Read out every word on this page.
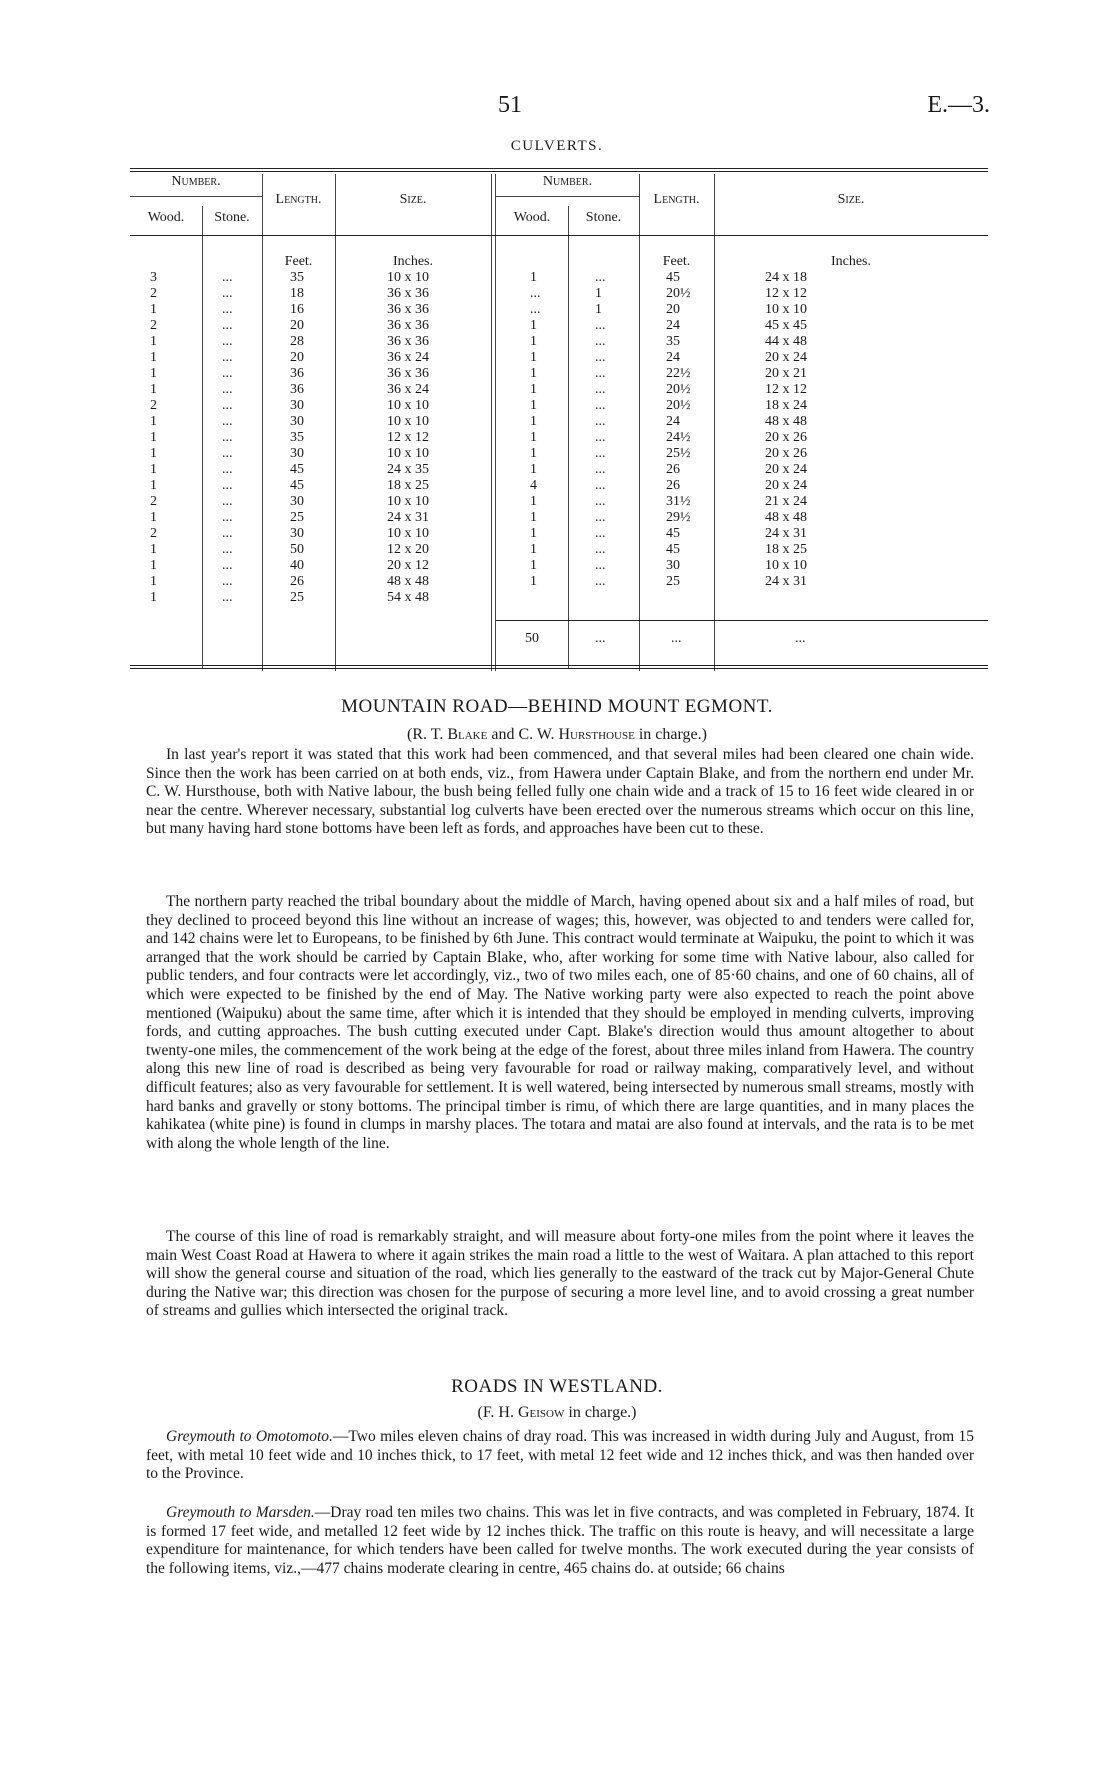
51	E.—3.
CULVERTS.
Number.
Wood.	Stone.
Length.	Size.
Number.
Wood.	Stone.
Length.	Size.
Feet.	Inches.	Feet.	Inches.
3	...	35	10 x 10
2	...	18	36 x 36
1	...	16	36 x 36
2	...	20	36 x 36
1	...	28	36 x 36
1	...	20	36 x 24
1	...	36	36 x 36
1	...	36	36 x 24
2	...	30	10 x 10
1	...	30	10 x 10
1	...	35	12 x 12
1	...	30	10 x 10
1	...	45	24 x 35
1	...	45	18 x 25
2	...	30	10 x 10
1	...	25	24 x 31
2	...	30	10 x 10
1	...	50	12 x 20
1	...	40	20 x 12
1	...	26	48 x 48
1	...	25	54 x 48
1	...	45	24 x 18
...	1	20½	12 x 12
...	1	20	10 x 10
1	...	24	45 x 45
1	...	35	44 x 48
1	...	24	20 x 24
1	...	22½	20 x 21
1	...	20½	12 x 12
1	...	20½	18 x 24
1	...	24	48 x 48
1	...	24½	20 x 26
1	...	25½	20 x 26
1	...	26	20 x 24
4	...	26	20 x 24
1	...	31½	21 x 24
1	...	29½	48 x 48
1	...	45	24 x 31
1	...	45	18 x 25
1	...	30	10 x 10
1	...	25	24 x 31
50	...	...	...
MOUNTAIN ROAD—BEHIND MOUNT EGMONT.
(R. T. Blake and C. W. Hursthouse in charge.)

In last year's report it was stated that this work had been commenced, and that several miles had been cleared one chain wide. Since then the work has been carried on at both ends, viz., from Hawera under Captain Blake, and from the northern end under Mr. C. W. Hursthouse, both with Native labour, the bush being felled fully one chain wide and a track of 15 to 16 feet wide cleared in or near the centre. Wherever necessary, substantial log culverts have been erected over the numerous streams which occur on this line, but many having hard stone bottoms have been left as fords, and approaches have been cut to these.

The northern party reached the tribal boundary about the middle of March, having opened about six and a half miles of road, but they declined to proceed beyond this line without an increase of wages; this, however, was objected to and tenders were called for, and 142 chains were let to Europeans, to be finished by 6th June. This contract would terminate at Waipuku, the point to which it was arranged that the work should be carried by Captain Blake, who, after working for some time with Native labour, also called for public tenders, and four contracts were let accordingly, viz., two of two miles each, one of 85·60 chains, and one of 60 chains, all of which were expected to be finished by the end of May. The Native working party were also expected to reach the point above mentioned (Waipuku) about the same time, after which it is intended that they should be employed in mending culverts, improving fords, and cutting approaches. The bush cutting executed under Capt. Blake's direction would thus amount altogether to about twenty-one miles, the commencement of the work being at the edge of the forest, about three miles inland from Hawera. The country along this new line of road is described as being very favourable for road or railway making, comparatively level, and without difficult features; also as very favourable for settlement. It is well watered, being intersected by numerous small streams, mostly with hard banks and gravelly or stony bottoms. The principal timber is rimu, of which there are large quantities, and in many places the kahikatea (white pine) is found in clumps in marshy places. The totara and matai are also found at intervals, and the rata is to be met with along the whole length of the line.

The course of this line of road is remarkably straight, and will measure about forty-one miles from the point where it leaves the main West Coast Road at Hawera to where it again strikes the main road a little to the west of Waitara. A plan attached to this report will show the general course and situation of the road, which lies generally to the eastward of the track cut by Major-General Chute during the Native war; this direction was chosen for the purpose of securing a more level line, and to avoid crossing a great number of streams and gullies which intersected the original track.

ROADS IN WESTLAND.
(F. H. Geisow in charge.)

Greymouth to Omotomoto.—Two miles eleven chains of dray road. This was increased in width during July and August, from 15 feet, with metal 10 feet wide and 10 inches thick, to 17 feet, with metal 12 feet wide and 12 inches thick, and was then handed over to the Province.

Greymouth to Marsden.—Dray road ten miles two chains. This was let in five contracts, and was completed in February, 1874. It is formed 17 feet wide, and metalled 12 feet wide by 12 inches thick. The traffic on this route is heavy, and will necessitate a large expenditure for maintenance, for which tenders have been called for twelve months. The work executed during the year consists of the following items, viz.,—477 chains moderate clearing in centre, 465 chains do. at outside; 66 chains
